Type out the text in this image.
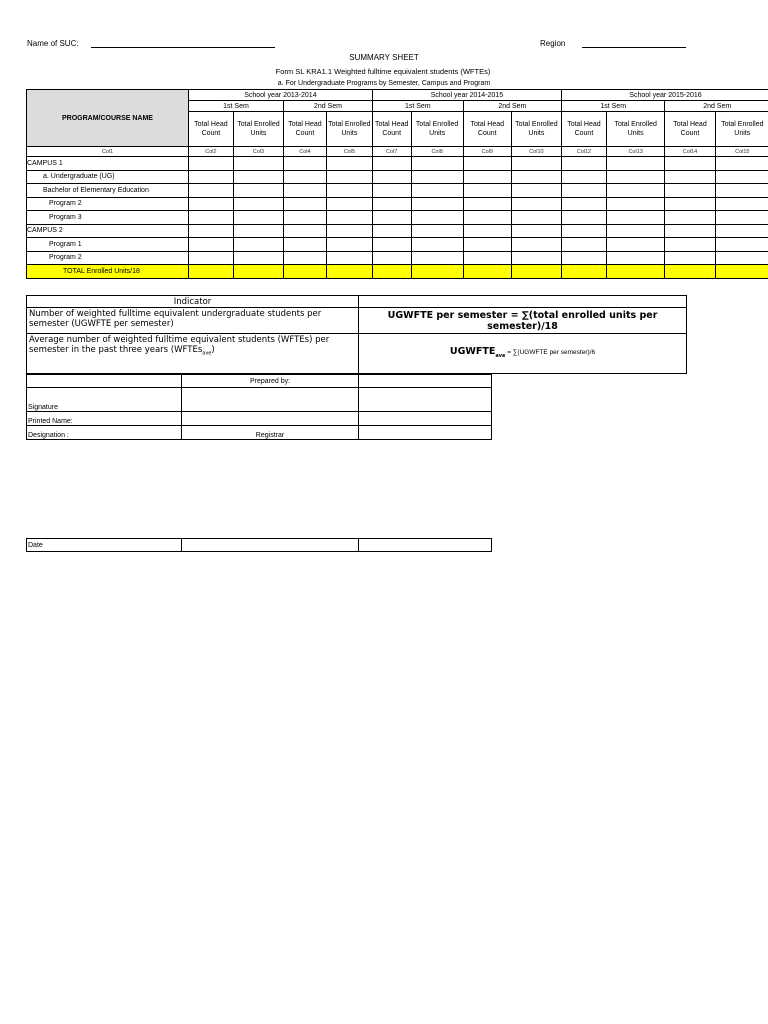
Name of SUC:	Region
SUMMARY SHEET
Form SL KRA1.1 Weighted fulltime equivalent students (WFTEs)
a. For Undergraduate Programs by Semester, Campus and Program
PROGRAM/COURSE NAME	School year 2013-2014				School year 2014-2015				School year 2015-2016			
	1st Sem		2nd Sem		1st Sem		2nd Sem		1st Sem		2nd Sem	
	Total Head Count	Total Enrolled Units	Total Head Count	Total Enrolled Units	Total Head Count	Total Enrolled Units	Total Head Count	Total Enrolled Units	Total Head Count	Total Enrolled Units	Total Head Count	Total Enrolled Units
Col1	Col2	Col3	Col4	Col5	Col7	Col8	Col9	Col10	Col12	Col13	Col14	Col15
CAMPUS 1												
a. Undergraduate (UG)												
Bachelor of Elementary Education												
Program 2												
Program 3												
CAMPUS 2												
Program 1												
Program 2												
TOTAL Enrolled Units/18												
Indicator	
Number of weighted fulltime equivalent undergraduate students per semester (UGWFTE per semester)	UGWFTE per semester = ∑(total enrolled units per semester)/18
Average number of weighted fulltime equivalent students (WFTEs) per semester in the past three years (WFTEs$_{ave}$)	$UGWFTE_{ave}$ = ∑(UGWFTE per semester)/6
	Prepared by:	
Signature		
Printed Name:		
Designation :	Registrar	
Date		
